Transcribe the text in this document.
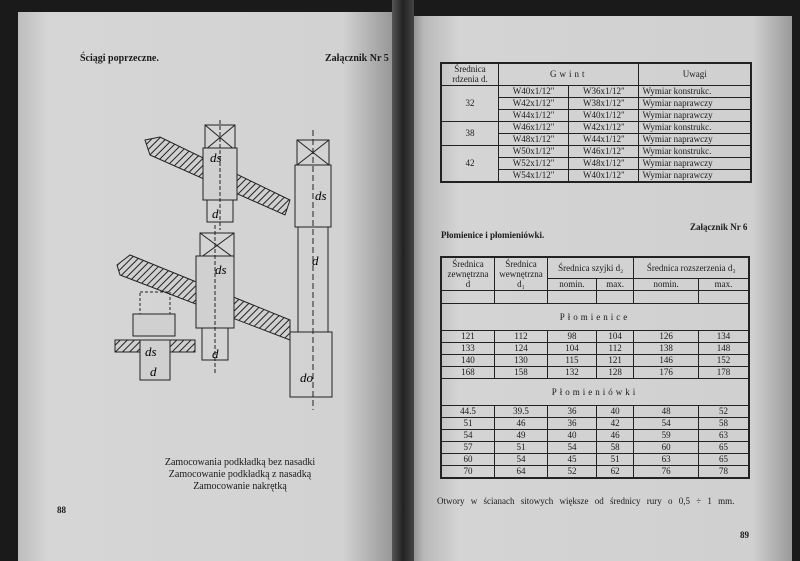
Ściągi poprzeczne.	Załącznik Nr 5
ds
d
ds
ds
d
ds
d
d
do
Zamocowania podkładką bez nasadki
Zamocowanie podkładką z nasadką
Zamocowanie nakrętką
88
Średnica rdzenia d.	Gwint		Uwagi
32	W40x1/12"	W36x1/12"	Wymiar konstrukc.
	W42x1/12"	W38x1/12"	Wymiar naprawczy
	W44x1/12"	W40x1/12"	Wymiar naprawczy
38	W46x1/12"	W42x1/12"	Wymiar konstrukc.
	W48x1/12"	W44x1/12"	Wymiar naprawczy
42	W50x1/12"	W46x1/12"	Wymiar konstrukc.
	W52x1/12"	W48x1/12"	Wymiar naprawczy
	W54x1/12"	W40x1/12"	Wymiar naprawczy
Załącznik Nr 6
Płomienice i płomieniówki.
Średnica zewnętrzna d	Średnica wewnętrzna d₁	Średnica szyjki d₂		Średnica rozszerzenia d₃	
		nomin.	max.	nomin.	max.

Płomienice					
121	112	98	104	126	134
133	124	104	112	138	148
140	130	115	121	146	152
168	158	132	128	176	178
Płomieniówki					
44.5	39.5	36	40	48	52
51	46	36	42	54	58
54	49	40	46	59	63
57	51	54	58	60	65
60	54	45	51	63	65
70	64	52	62	76	78
Otwory w ścianach sitowych większe od średnicy rury o 0,5 ÷ 1 mm.
89
